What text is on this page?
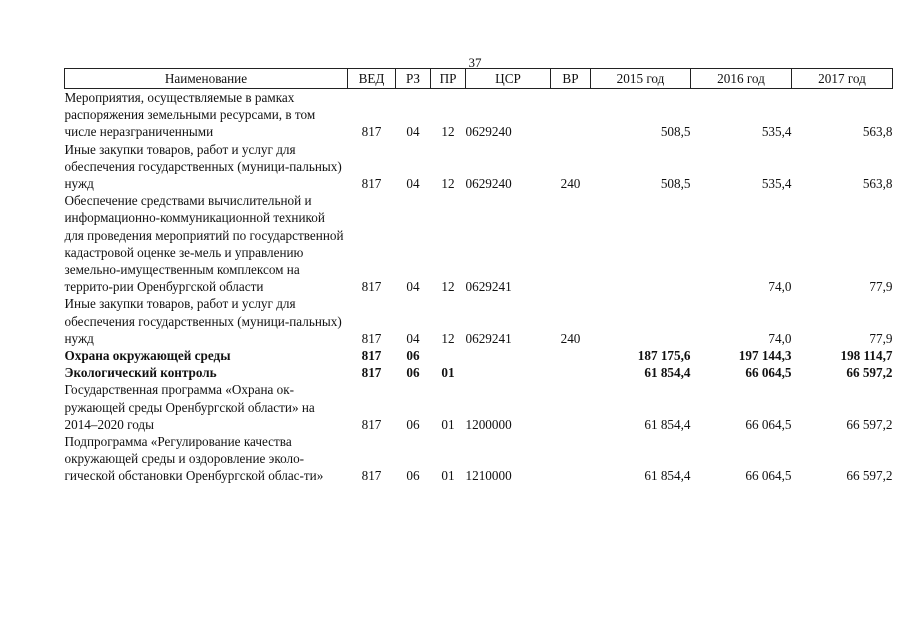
37
Наименование	ВЕД	РЗ	ПР	ЦСР	ВР	2015 год	2016 год	2017 год
Мероприятия, осуществляемые в рамках распоряжения земельными ресурсами, в том числе неразграниченными	817	04	12	0629240		508,5	535,4	563,8
Иные закупки товаров, работ и услуг для обеспечения государственных (муници-пальных) нужд	817	04	12	0629240	240	508,5	535,4	563,8
Обеспечение средствами вычислительной и информационно-коммуникационной техникой для проведения мероприятий по государственной кадастровой оценке зе-мель и управлению земельно-имущественным комплексом на террито-рии Оренбургской области	817	04	12	0629241			74,0	77,9
Иные закупки товаров, работ и услуг для обеспечения государственных (муници-пальных) нужд	817	04	12	0629241	240		74,0	77,9
Охрана окружающей среды	817	06				187 175,6	197 144,3	198 114,7
Экологический контроль	817	06	01			61 854,4	66 064,5	66 597,2
Государственная программа «Охрана ок-ружающей среды Оренбургской области» на 2014–2020 годы	817	06	01	1200000		61 854,4	66 064,5	66 597,2
Подпрограмма «Регулирование качества окружающей среды и оздоровление эколо-гической обстановки Оренбургской облас-ти»	817	06	01	1210000		61 854,4	66 064,5	66 597,2
